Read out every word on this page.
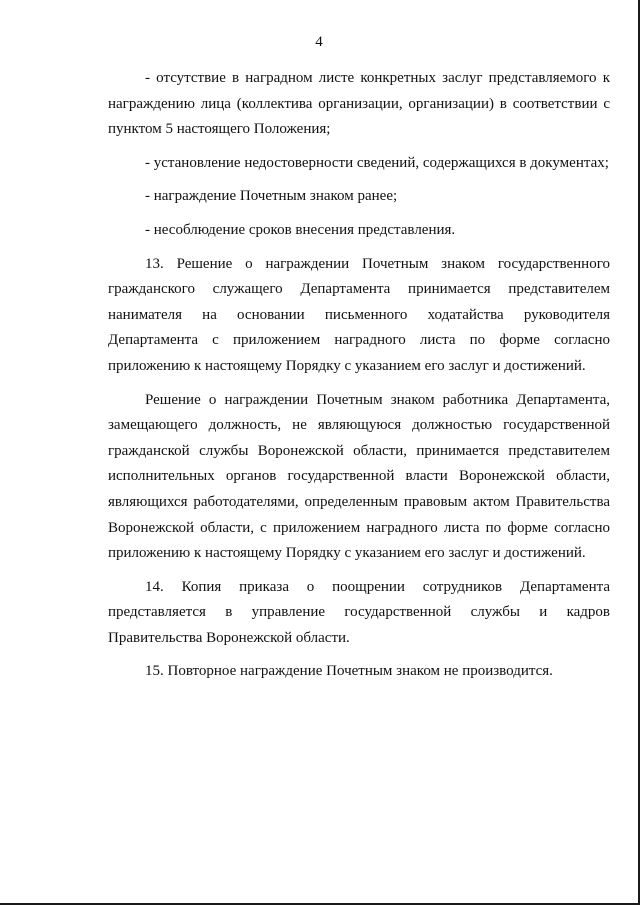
4

- отсутствие в наградном листе конкретных заслуг представляемого к награждению лица (коллектива организации, организации) в соответствии с пунктом 5 настоящего Положения;

- установление недостоверности сведений, содержащихся в документах;

- награждение Почетным знаком ранее;

- несоблюдение сроков внесения представления.

13. Решение о награждении Почетным знаком государственного гражданского служащего Департамента принимается представителем нанимателя на основании письменного ходатайства руководителя Департамента с приложением наградного листа по форме согласно приложению к настоящему Порядку с указанием его заслуг и достижений.

Решение о награждении Почетным знаком работника Департамента, замещающего должность, не являющуюся должностью государственной гражданской службы Воронежской области, принимается представителем исполнительных органов государственной власти Воронежской области, являющихся работодателями, определенным правовым актом Правительства Воронежской области, с приложением наградного листа по форме согласно приложению к настоящему Порядку с указанием его заслуг и достижений.

14. Копия приказа о поощрении сотрудников Департамента представляется в управление государственной службы и кадров Правительства Воронежской области.

15. Повторное награждение Почетным знаком не производится.
